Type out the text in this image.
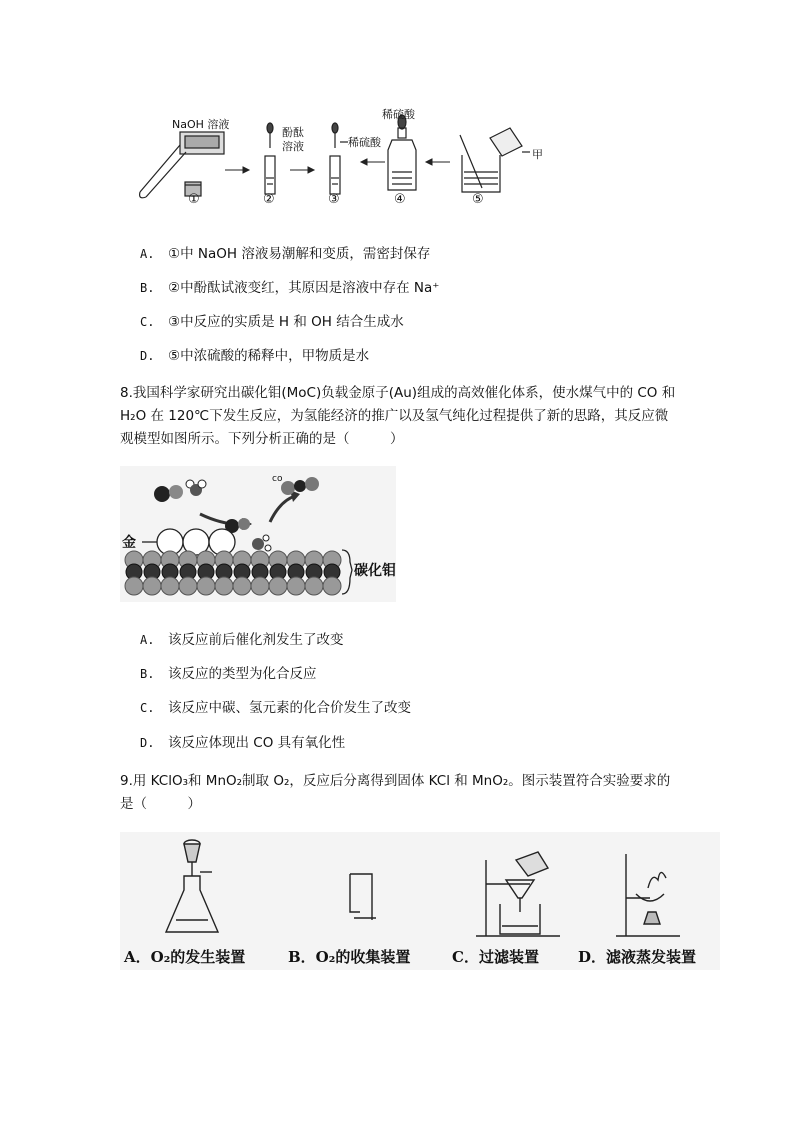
NaOH 溶液
酚酞
溶液	稀硫酸
稀硫酸
甲
①	②	③	④	⑤
A. ①中 NaOH 溶液易潮解和变质，需密封保存
B. ②中酚酞试液变红，其原因是溶液中存在 Na⁺
C. ③中反应的实质是 H 和 OH 结合生成水
D. ⑤中浓硫酸的稀释中，甲物质是水
8.我国科学家研究出碳化钼(MoC)负载金原子(Au)组成的高效催化体系，使水煤气中的 CO 和 H₂O 在 120℃下发生反应，为氢能经济的推广以及氢气纯化过程提供了新的思路，其反应微观模型如图所示。下列分析正确的是（　　　）
金
碳化钼
co
A. 该反应前后催化剂发生了改变
B. 该反应的类型为化合反应
C. 该反应中碳、氢元素的化合价发生了改变
D. 该反应体现出 CO 具有氧化性
9.用 KClO₃和 MnO₂制取 O₂，反应后分离得到固体 KCl 和 MnO₂。图示装置符合实验要求的是（　　　）
A．O₂的发生装置	B．O₂的收集装置	C．过滤装置	D．滤液蒸发装置
